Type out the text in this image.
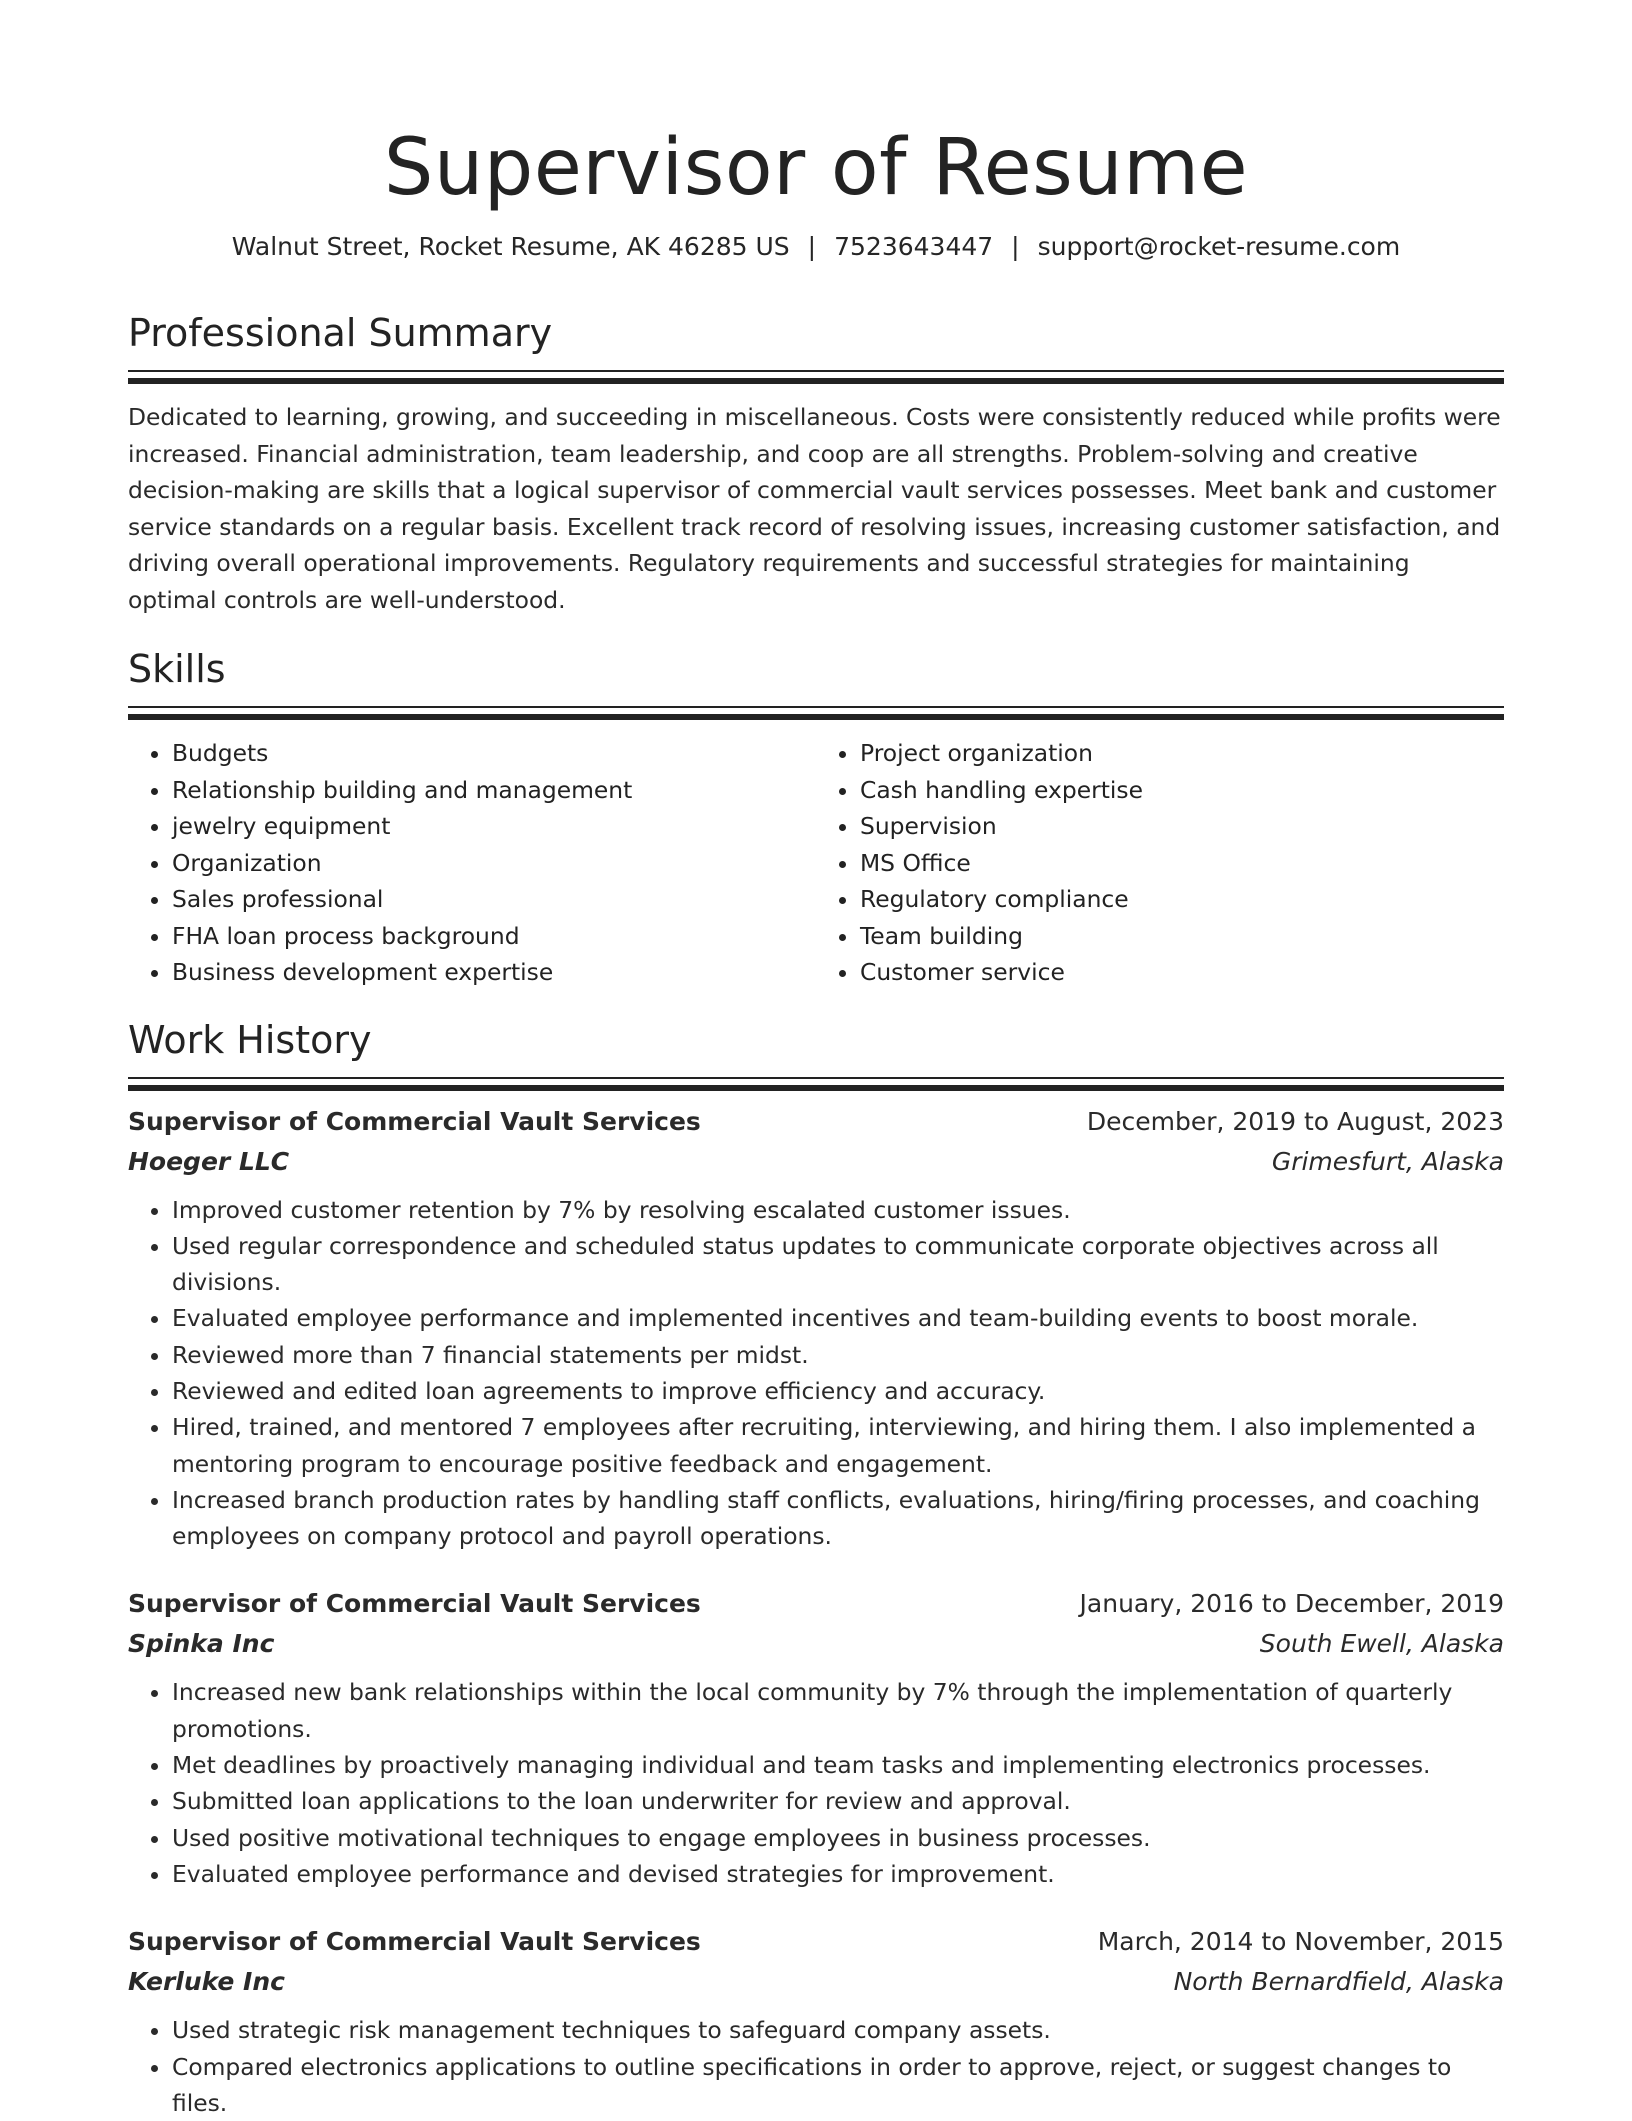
Supervisor of Resume
Walnut Street, Rocket Resume, AK 46285 US | 7523643447 | support@rocket-resume.com
Professional Summary

Dedicated to learning, growing, and succeeding in miscellaneous. Costs were consistently reduced while profits were increased. Financial administration, team leadership, and coop are all strengths. Problem-solving and creative decision-making are skills that a logical supervisor of commercial vault services possesses. Meet bank and customer service standards on a regular basis. Excellent track record of resolving issues, increasing customer satisfaction, and driving overall operational improvements. Regulatory requirements and successful strategies for maintaining optimal controls are well-understood.

Skills
• Budgets
• Relationship building and management
• jewelry equipment
• Organization
• Sales professional
• FHA loan process background
• Business development expertise
• Project organization
• Cash handling expertise
• Supervision
• MS Office
• Regulatory compliance
• Team building
• Customer service
Work History
Supervisor of Commercial Vault Services	December, 2019 to August, 2023
Hoeger LLC	Grimesfurt, Alaska
• Improved customer retention by 7% by resolving escalated customer issues.
• Used regular correspondence and scheduled status updates to communicate corporate objectives across all divisions.
• Evaluated employee performance and implemented incentives and team-building events to boost morale.
• Reviewed more than 7 financial statements per midst.
• Reviewed and edited loan agreements to improve efficiency and accuracy.
• Hired, trained, and mentored 7 employees after recruiting, interviewing, and hiring them. I also implemented a mentoring program to encourage positive feedback and engagement.
• Increased branch production rates by handling staff conflicts, evaluations, hiring/firing processes, and coaching employees on company protocol and payroll operations.
Supervisor of Commercial Vault Services	January, 2016 to December, 2019
Spinka Inc	South Ewell, Alaska
• Increased new bank relationships within the local community by 7% through the implementation of quarterly promotions.
• Met deadlines by proactively managing individual and team tasks and implementing electronics processes.
• Submitted loan applications to the loan underwriter for review and approval.
• Used positive motivational techniques to engage employees in business processes.
• Evaluated employee performance and devised strategies for improvement.
Supervisor of Commercial Vault Services	March, 2014 to November, 2015
Kerluke Inc	North Bernardfield, Alaska
• Used strategic risk management techniques to safeguard company assets.
• Compared electronics applications to outline specifications in order to approve, reject, or suggest changes to files.
